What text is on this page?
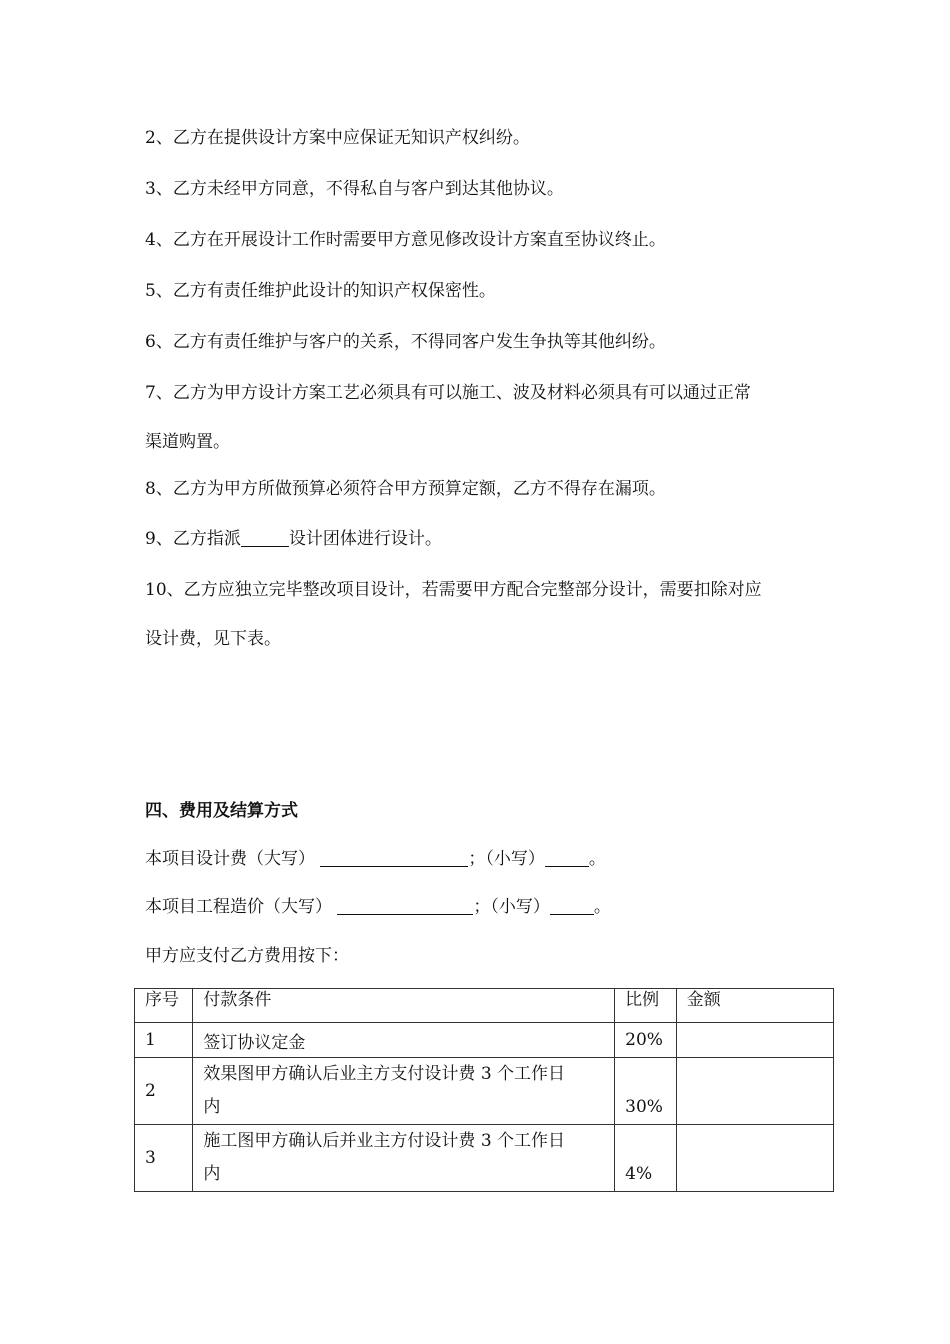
2、乙方在提供设计方案中应保证无知识产权纠纷。

3、乙方未经甲方同意，不得私自与客户到达其他协议。

4、乙方在开展设计工作时需要甲方意见修改设计方案直至协议终止。

5、乙方有责任维护此设计的知识产权保密性。

6、乙方有责任维护与客户的关系，不得同客户发生争执等其他纠纷。

7、乙方为甲方设计方案工艺必须具有可以施工、波及材料必须具有可以通过正常

渠道购置。

8、乙方为甲方所做预算必须符合甲方预算定额，乙方不得存在漏项。

9、乙方指派	设计团体进行设计。

10、乙方应独立完毕整改项目设计，若需要甲方配合完整部分设计，需要扣除对应

设计费，见下表。

四、费用及结算方式

本项目设计费（大写）	；（小写）	。

本项目工程造价（大写）	；（小写）	。

甲方应支付乙方费用按下：

序号	付款条件	比例	金额

1	签订协议定金	20%	
2	效果图甲方确认后业主方支付设计费 3 个工作日
内	30%	

3	施工图甲方确认后并业主方付设计费 3 个工作日
内	4%	
